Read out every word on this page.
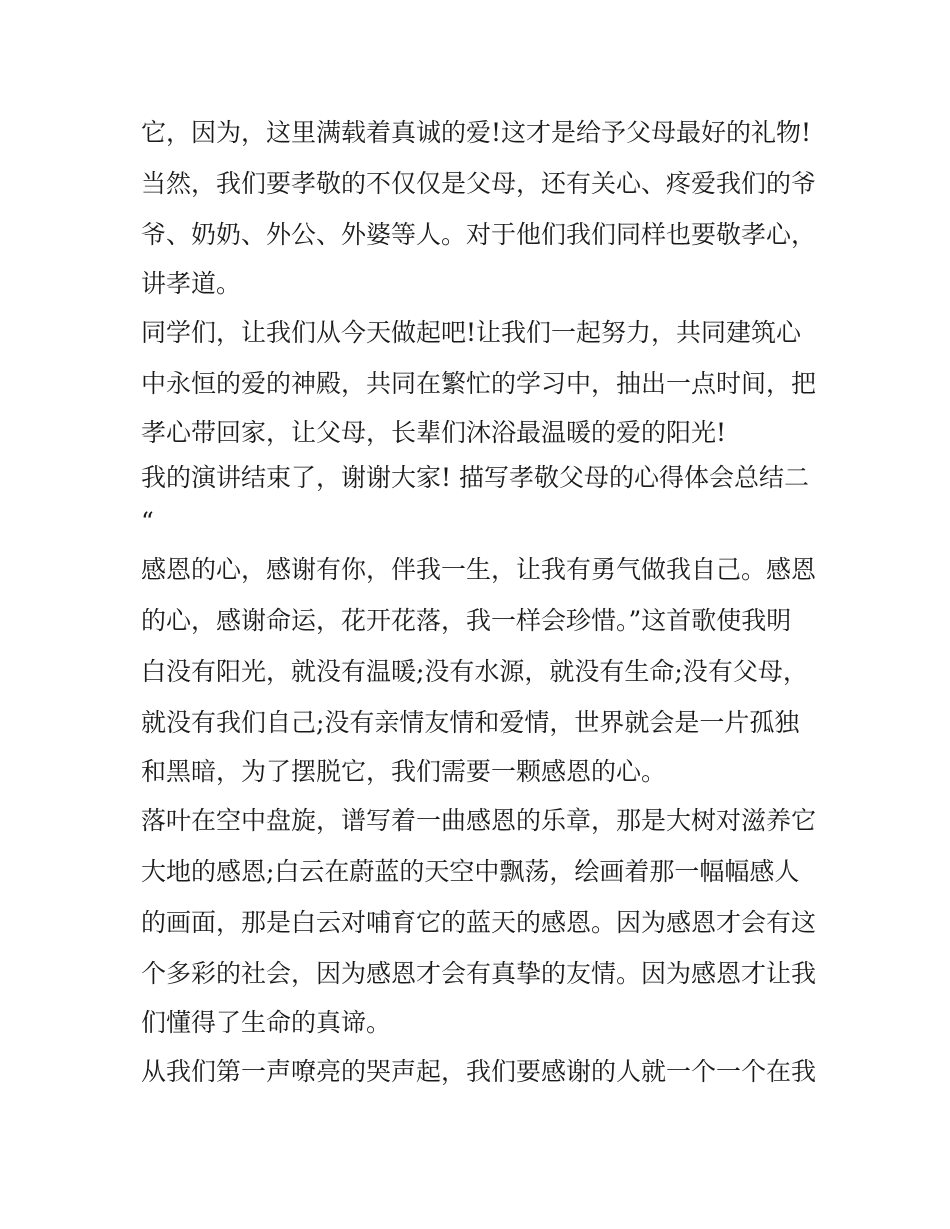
它，因为，这里满载着真诚的爱!这才是给予父母最好的礼物!
当然，我们要孝敬的不仅仅是父母，还有关心、疼爱我们的爷
爷、奶奶、外公、外婆等人。对于他们我们同样也要敬孝心，
讲孝道。
同学们，让我们从今天做起吧!让我们一起努力，共同建筑心
中永恒的爱的神殿，共同在繁忙的学习中，抽出一点时间，把
孝心带回家，让父母，长辈们沐浴最温暖的爱的阳光!
我的演讲结束了，谢谢大家! 描写孝敬父母的心得体会总结二
“
感恩的心，感谢有你，伴我一生，让我有勇气做我自己。感恩
的心，感谢命运，花开花落，我一样会珍惜。”这首歌使我明
白没有阳光，就没有温暖;没有水源，就没有生命;没有父母，
就没有我们自己;没有亲情友情和爱情，世界就会是一片孤独
和黑暗，为了摆脱它，我们需要一颗感恩的心。
落叶在空中盘旋，谱写着一曲感恩的乐章，那是大树对滋养它
大地的感恩;白云在蔚蓝的天空中飘荡，绘画着那一幅幅感人
的画面，那是白云对哺育它的蓝天的感恩。因为感恩才会有这
个多彩的社会，因为感恩才会有真挚的友情。因为感恩才让我
们懂得了生命的真谛。
从我们第一声嘹亮的哭声起，我们要感谢的人就一个一个在我
